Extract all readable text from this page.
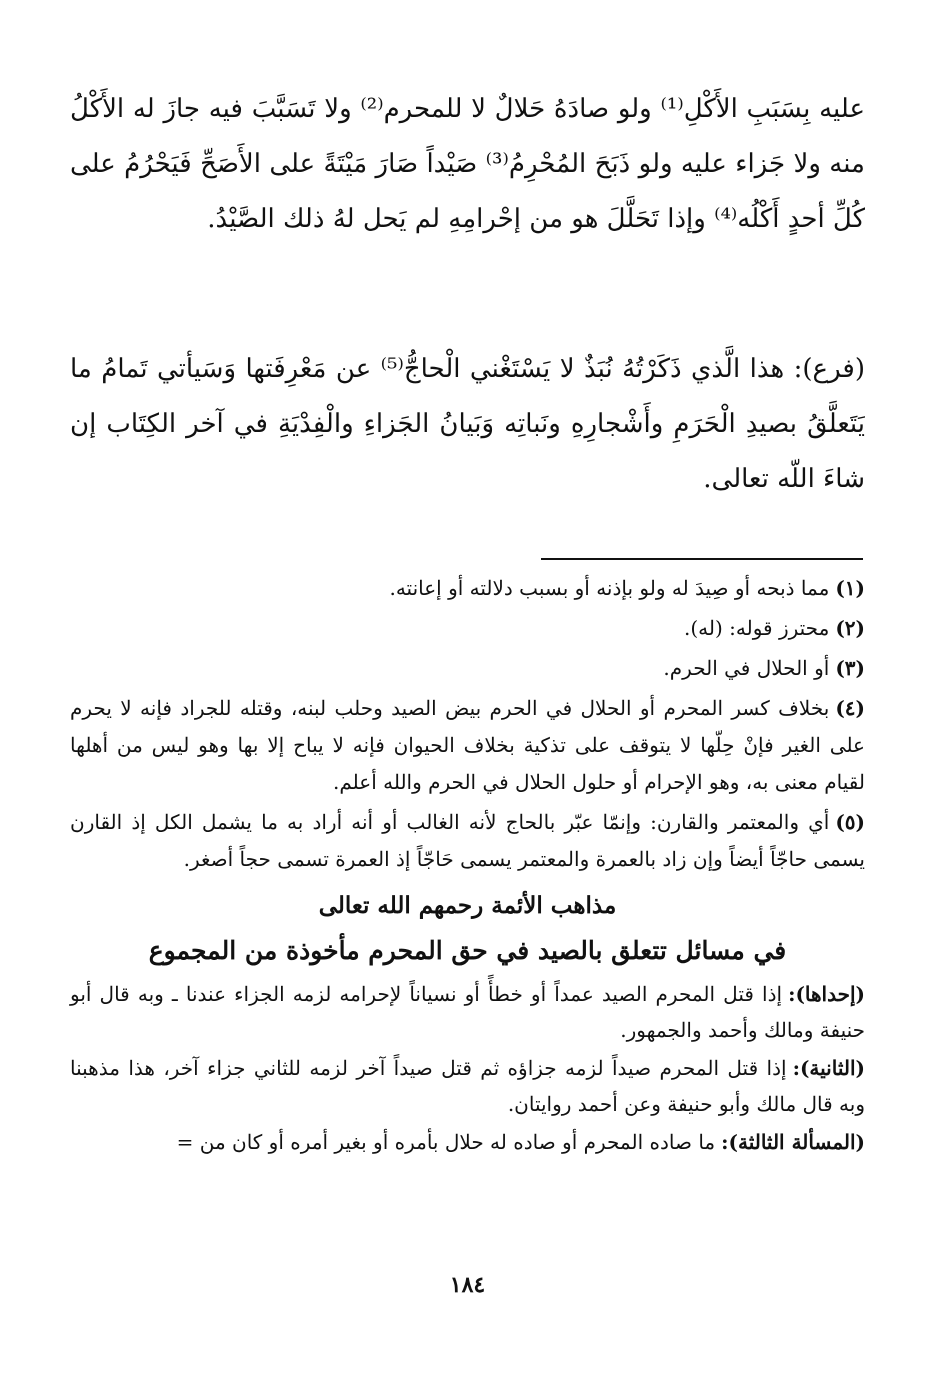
عليه بِسَبَبِ الأَكْلِ⁽¹⁾ ولو صادَهُ حَلالٌ لا للمحرم⁽²⁾ ولا تَسَبَّبَ فيه جازَ له الأَكْلُ منه ولا جَزاء عليه ولو ذَبَحَ المُحْرِمُ⁽³⁾ صَيْداً صَارَ مَيْتَةً على الأَصَحِّ فَيَحْرُمُ على كُلِّ أحدٍ أَكْلُه⁽⁴⁾ وإذا تَحَلَّلَ هو من إحْرامِهِ لم يَحل لهُ ذلك الصَّيْدُ.

(فرع): هذا الَّذي ذَكَرْتُهُ نُبَذٌ لا يَسْتَغْني الْحاجُّ⁽⁵⁾ عن مَعْرِفَتها وَسَيأتي تَمامُ ما يَتَعلَّقُ بصيدِ الْحَرَمِ وأَشْجارِهِ ونَباتِه وَبَيانُ الجَزاءِ والْفِدْيَةِ في آخر الكِتَاب إن شاءَ اللّه تعالى.

(١)مما ذبحه أو صِيدَ له ولو بإذنه أو بسبب دلالته أو إعانته.

(٢)محترز قوله: (له).

(٣)أو الحلال في الحرم.

(٤)بخلاف كسر المحرم أو الحلال في الحرم بيض الصيد وحلب لبنه، وقتله للجراد فإنه لا يحرم على الغير فإنْ حِلّها لا يتوقف على تذكية بخلاف الحيوان فإنه لا يباح إلا بها وهو ليس من أهلها لقيام معنى به، وهو الإحرام أو حلول الحلال في الحرم والله أعلم.

(٥)أي والمعتمر والقارن: وإنمّا عبّر بالحاج لأنه الغالب أو أنه أراد به ما يشمل الكل إذ القارن يسمى حاجّاً أيضاً وإن زاد بالعمرة والمعتمر يسمى حَاجّاً إذ العمرة تسمى حجاً أصغر.

مذاهب الأئمة رحمهم الله تعالى
في مسائل تتعلق بالصيد في حق المحرم مأخوذة من المجموع

(إحداها):إذا قتل المحرم الصيد عمداً أو خطأً أو نسياناً لإحرامه لزمه الجزاء عندنا ـ وبه قال أبو حنيفة ومالك وأحمد والجمهور.

(الثانية):إذا قتل المحرم صيداً لزمه جزاؤه ثم قتل صيداً آخر لزمه للثاني جزاء آخر، هذا مذهبنا وبه قال مالك وأبو حنيفة وعن أحمد روايتان.

(المسألة الثالثة):ما صاده المحرم أو صاده له حلال بأمره أو بغير أمره أو كان من =

١٨٤
